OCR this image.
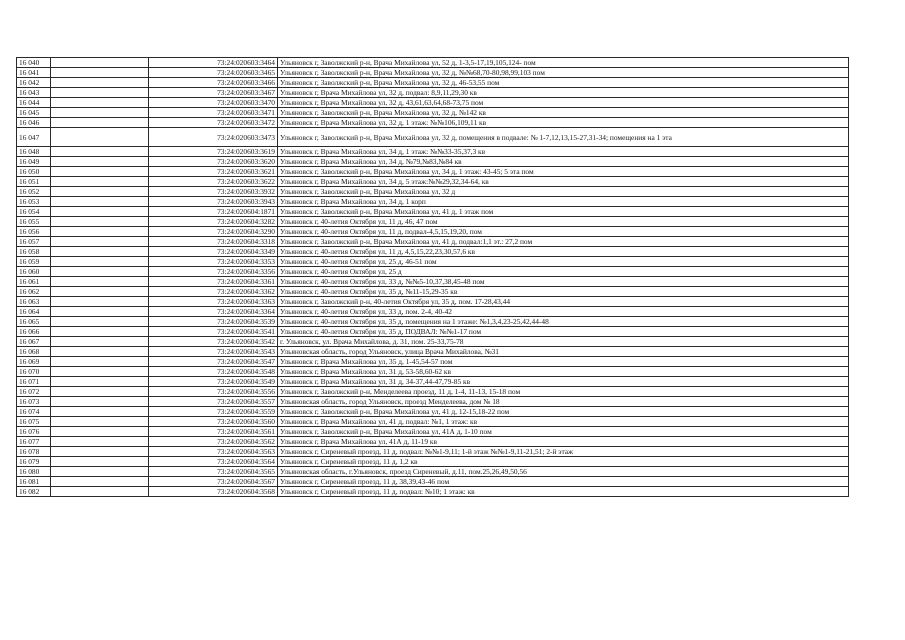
16 040		73:24:020603:3464	Ульяновск г, Заволжский р-н, Врача Михайлова ул, 52 д, 1-3,5-17,19,105,124- пом
16 041		73:24:020603:3465	Ульяновск г, Заволжский р-н, Врача Михайлова ул, 32 д, №№68,70-80,98,99,103 пом
16 042		73:24:020603:3466	Ульяновск г, Заволжский р-н, Врача Михайлова ул, 32 д, 46-53,55 пом
16 043		73:24:020603:3467	Ульяновск г, Врача Михайлова ул, 32 д, подвал: 8,9,11,29,30 кв
16 044		73:24:020603:3470	Ульяновск г, Врача Михайлова ул, 32 д, 43,61,63,64,68-73,75 пом
16 045		73:24:020603:3471	Ульяновск г, Заволжский р-н, Врача Михайлова ул, 32 д, №142 кв
16 046		73:24:020603:3472	Ульяновск г, Врача Михайлова ул, 32 д, 1 этаж: №№106,109,11 кв
16 047		73:24:020603:3473	Ульяновск г, Заволжский р-н, Врача Михайлова ул, 32 д, помещения в подвале: № 1-7,12,13,15-27,31-34; помещения на 1 эта
16 048		73:24:020603:3619	Ульяновск г, Врача Михайлова ул, 34 д, 1 этаж: №№33-35,37,3 кв
16 049		73:24:020603:3620	Ульяновск г, Врача Михайлова ул, 34 д, №79,№83,№84 кв
16 050		73:24:020603:3621	Ульяновск г, Заволжский р-н, Врача Михайлова ул, 34 д, 1 этаж: 43-45; 5 эта пом
16 051		73:24:020603:3622	Ульяновск г, Врача Михайлова ул, 34 д, 5 этаж:№№29,32,34-64, кв
16 052		73:24:020603:3932	Ульяновск г, Заволжский р-н, Врача Михайлова ул, 32 д
16 053		73:24:020603:3943	Ульяновск г, Врача Михайлова ул, 34 д, 1 корп
16 054		73:24:020604:1871	Ульяновск г, Заволжский р-н, Врача Михайлова ул, 41 д, 1 этаж пом
16 055		73:24:020604:3282	Ульяновск г, 40-летия Октября ул, 11 д, 46, 47 пом
16 056		73:24:020604:3290	Ульяновск г, 40-летия Октября ул, 11 д, подвал-4,5,15,19,20, пом
16 057		73:24:020604:3318	Ульяновск г, Заволжский р-н, Врача Михайлова ул, 41 д, подвал:1,1 эт.: 27,2 пом
16 058		73:24:020604:3349	Ульяновск г, 40-летия Октября ул, 11 д, 4,5,15,22,23,30,57,6 кв
16 059		73:24:020604:3353	Ульяновск г, 40-летия Октября ул, 25 д, 46-51 пом
16 060		73:24:020604:3356	Ульяновск г, 40-летия Октября ул, 25 д
16 061		73:24:020604:3361	Ульяновск г, 40-летия Октября ул, 33 д, №№5-10,37,38,45-48 пом
16 062		73:24:020604:3362	Ульяновск г, 40-летия Октября ул, 35 д, №11-15,29-35 кв
16 063		73:24:020604:3363	Ульяновск г, Заволжский р-н, 40-летия Октября ул, 35 д, пом. 17-28,43,44
16 064		73:24:020604:3364	Ульяновск г, 40-летия Октября ул, 33 д, пом. 2-4, 40-42
16 065		73:24:020604:3539	Ульяновск г, 40-летия Октября ул, 35 д, помещения на 1 этаже: №1,3,4,23-25,42,44-48
16 066		73:24:020604:3541	Ульяновск г, 40-летия Октября ул, 35 д, ПОДВАЛ: №№1-17 пом
16 067		73:24:020604:3542	г. Ульяновск, ул. Врача Михайлова, д. 31, пом. 25-33,75-78
16 068		73:24:020604:3543	Ульяновская область, город Ульяновск, улица Врача Михайлова, №31
16 069		73:24:020604:3547	Ульяновск г, Врача Михайлова ул, 35 д, 1-45,54-57 пом
16 070		73:24:020604:3548	Ульяновск г, Врача Михайлова ул, 31 д, 53-58,60-62 кв
16 071		73:24:020604:3549	Ульяновск г, Врача Михайлова ул, 31 д, 34-37,44-47,79-85 кв
16 072		73:24:020604:3556	Ульяновск г, Заволжский р-н, Менделеева проезд, 11 д, 1-4, 11-13, 15-18 пом
16 073		73:24:020604:3557	Ульяновская область, город Ульяновск, проезд Менделеева, дом № 18
16 074		73:24:020604:3559	Ульяновск г, Заволжский р-н, Врача Михайлова ул, 41 д, 12-15,18-22 пом
16 075		73:24:020604:3560	Ульяновск г, Врача Михайлова ул, 41 д, подвал: №1, 1 этаж: кв
16 076		73:24:020604:3561	Ульяновск г, Заволжский р-н, Врача Михайлова ул, 41А д, 1-10 пом
16 077		73:24:020604:3562	Ульяновск г, Врача Михайлова ул, 41А д, 11-19 кв
16 078		73:24:020604:3563	Ульяновск г, Сиреневый проезд, 11 д, подвал: №№1-9,11; 1-й этаж №№1-9,11-21,51; 2-й этаж
16 079		73:24:020604:3564	Ульяновск г, Сиреневый проезд, 11 д, 1,2 кв
16 080		73:24:020604:3565	Ульяновская область, г.Ульяновск, проезд Сиреневый, д.11, пом.25,26,49,50,56
16 081		73:24:020604:3567	Ульяновск г, Сиреневый проезд, 11 д, 38,39,43-46 пом
16 082		73:24:020604:3568	Ульяновск г, Сиреневый проезд, 11 д, подвал: №10; 1 этаж: кв
